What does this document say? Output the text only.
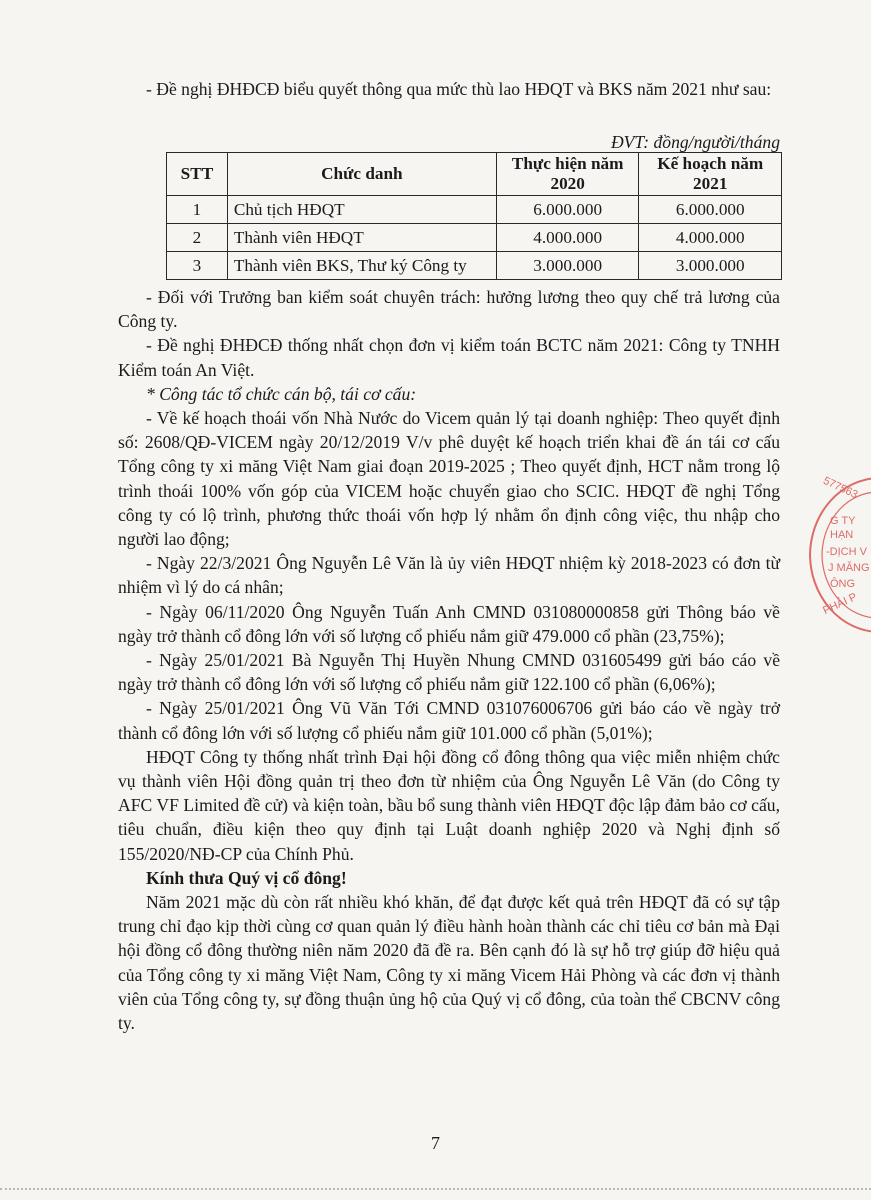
- Đề nghị ĐHĐCĐ biểu quyết thông qua mức thù lao HĐQT và BKS năm 2021 như sau:

ĐVT: đồng/người/tháng
STT	Chức danh	Thực hiện năm 2020	Kế hoạch năm 2021
1	Chủ tịch HĐQT	6.000.000	6.000.000
2	Thành viên HĐQT	4.000.000	4.000.000
3	Thành viên BKS, Thư ký Công ty	3.000.000	3.000.000

- Đối với Trưởng ban kiểm soát chuyên trách: hưởng lương theo quy chế trả lương của Công ty.

- Đề nghị ĐHĐCĐ thống nhất chọn đơn vị kiểm toán BCTC năm 2021: Công ty TNHH Kiểm toán An Việt.

* Công tác tổ chức cán bộ, tái cơ cấu:

- Về kế hoạch thoái vốn Nhà Nước do Vicem quản lý tại doanh nghiệp: Theo quyết định số: 2608/QĐ-VICEM ngày 20/12/2019 V/v phê duyệt kế hoạch triển khai đề án tái cơ cấu Tổng công ty xi măng Việt Nam giai đoạn 2019-2025 ; Theo quyết định, HCT nằm trong lộ trình thoái 100% vốn góp của VICEM hoặc chuyển giao cho SCIC. HĐQT đề nghị Tổng công ty có lộ trình, phương thức thoái vốn hợp lý nhằm ổn định công việc, thu nhập cho người lao động;

- Ngày 22/3/2021 Ông Nguyễn Lê Văn là ủy viên HĐQT nhiệm kỳ 2018-2023 có đơn từ nhiệm vì lý do cá nhân;

- Ngày 06/11/2020 Ông Nguyễn Tuấn Anh CMND 031080000858 gửi Thông báo về ngày trở thành cổ đông lớn với số lượng cổ phiếu nắm giữ 479.000 cổ phần (23,75%);

- Ngày 25/01/2021 Bà Nguyễn Thị Huyền Nhung CMND 031605499 gửi báo cáo về ngày trở thành cổ đông lớn với số lượng cổ phiếu nắm giữ 122.100 cổ phần (6,06%);

- Ngày 25/01/2021 Ông Vũ Văn Tới CMND 031076006706 gửi báo cáo về ngày trở thành cổ đông lớn với số lượng cổ phiếu nắm giữ 101.000 cổ phần (5,01%);

HĐQT Công ty thống nhất trình Đại hội đồng cổ đông thông qua việc miễn nhiệm chức vụ thành viên Hội đồng quản trị theo đơn từ nhiệm của Ông Nguyễn Lê Văn (do Công ty AFC VF Limited đề cử) và kiện toàn, bầu bổ sung thành viên HĐQT độc lập đảm bảo cơ cấu, tiêu chuẩn, điều kiện theo quy định tại Luật doanh nghiệp 2020 và Nghị định số 155/2020/NĐ-CP của Chính Phủ.

Kính thưa Quý vị cổ đông!

Năm 2021 mặc dù còn rất nhiều khó khăn, để đạt được kết quả trên HĐQT đã có sự tập trung chỉ đạo kịp thời cùng cơ quan quản lý điều hành hoàn thành các chỉ tiêu cơ bản mà Đại hội đồng cổ đông thường niên năm 2020 đã đề ra. Bên cạnh đó là sự hỗ trợ giúp đỡ hiệu quả của Tổng công ty xi măng Việt Nam, Công ty xi măng Vicem Hải Phòng và các đơn vị thành viên của Tổng công ty, sự đồng thuận ủng hộ của Quý vị cổ đông, của toàn thể CBCNV công ty.

7
577563
G TY
HẠN
-DỊCH V
J MĂNG
ÔNG
PHẢI P
